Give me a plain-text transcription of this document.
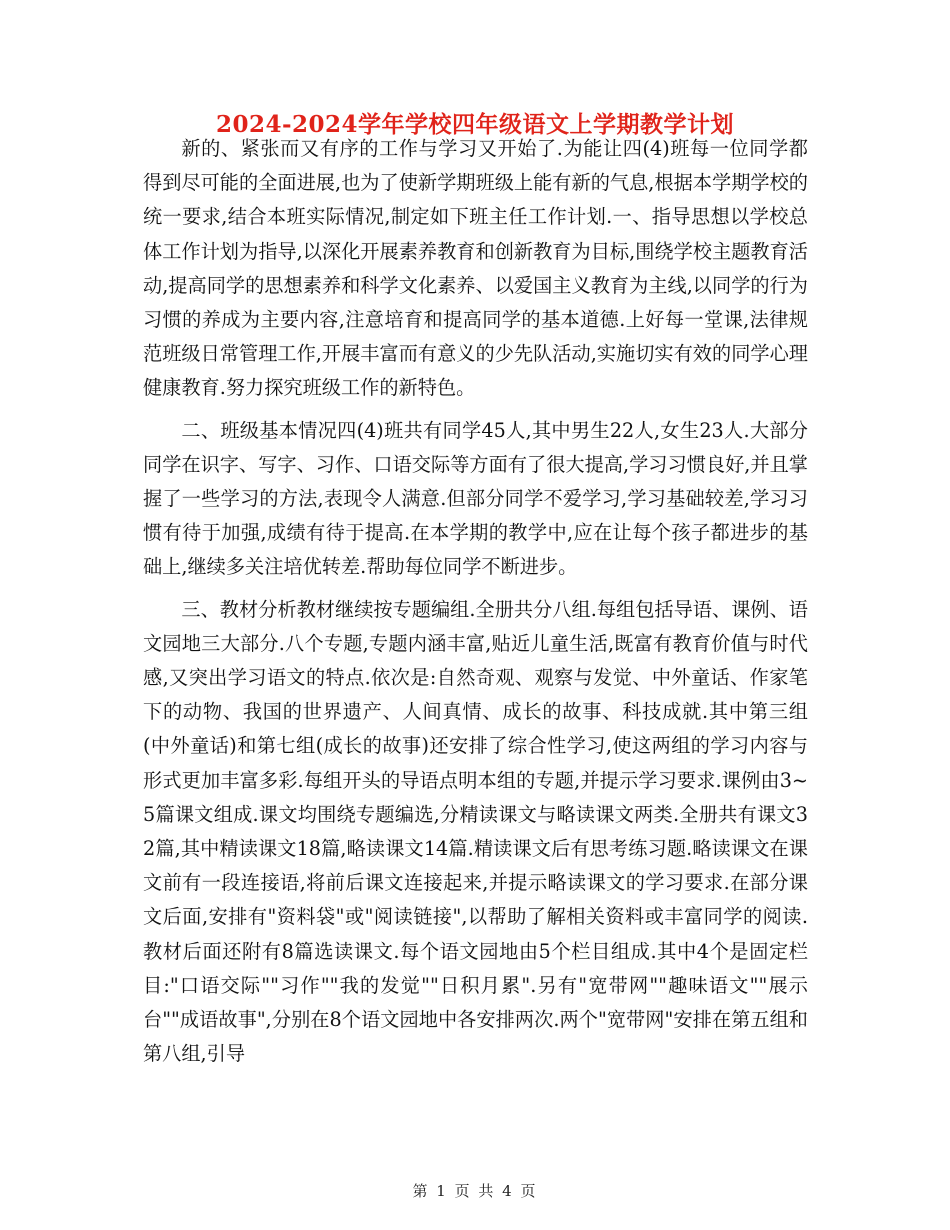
2024-2024学年学校四年级语文上学期教学计划

新的、紧张而又有序的工作与学习又开始了.为能让四(4)班每一位同学都得到尽可能的全面进展,也为了使新学期班级上能有新的气息,根据本学期学校的统一要求,结合本班实际情况,制定如下班主任工作计划.一、指导思想以学校总体工作计划为指导,以深化开展素养教育和创新教育为目标,围绕学校主题教育活动,提高同学的思想素养和科学文化素养、以爱国主义教育为主线,以同学的行为习惯的养成为主要内容,注意培育和提高同学的基本道德.上好每一堂课,法律规范班级日常管理工作,开展丰富而有意义的少先队活动,实施切实有效的同学心理健康教育.努力探究班级工作的新特色。

二、班级基本情况四(4)班共有同学45人,其中男生22人,女生23人.大部分同学在识字、写字、习作、口语交际等方面有了很大提高,学习习惯良好,并且掌握了一些学习的方法,表现令人满意.但部分同学不爱学习,学习基础较差,学习习惯有待于加强,成绩有待于提高.在本学期的教学中,应在让每个孩子都进步的基础上,继续多关注培优转差.帮助每位同学不断进步。

三、教材分析教材继续按专题编组.全册共分八组.每组包括导语、课例、语文园地三大部分.八个专题,专题内涵丰富,贴近儿童生活,既富有教育价值与时代感,又突出学习语文的特点.依次是:自然奇观、观察与发觉、中外童话、作家笔下的动物、我国的世界遗产、人间真情、成长的故事、科技成就.其中第三组(中外童话)和第七组(成长的故事)还安排了综合性学习,使这两组的学习内容与形式更加丰富多彩.每组开头的导语点明本组的专题,并提示学习要求.课例由3~5篇课文组成.课文均围绕专题编选,分精读课文与略读课文两类.全册共有课文32篇,其中精读课文18篇,略读课文14篇.精读课文后有思考练习题.略读课文在课文前有一段连接语,将前后课文连接起来,并提示略读课文的学习要求.在部分课文后面,安排有"资料袋"或"阅读链接",以帮助了解相关资料或丰富同学的阅读.教材后面还附有8篇选读课文.每个语文园地由5个栏目组成.其中4个是固定栏目:"口语交际""习作""我的发觉""日积月累".另有"宽带网""趣味语文""展示台""成语故事",分别在8个语文园地中各安排两次.两个"宽带网"安排在第五组和第八组,引导

第 1 页 共 4 页
